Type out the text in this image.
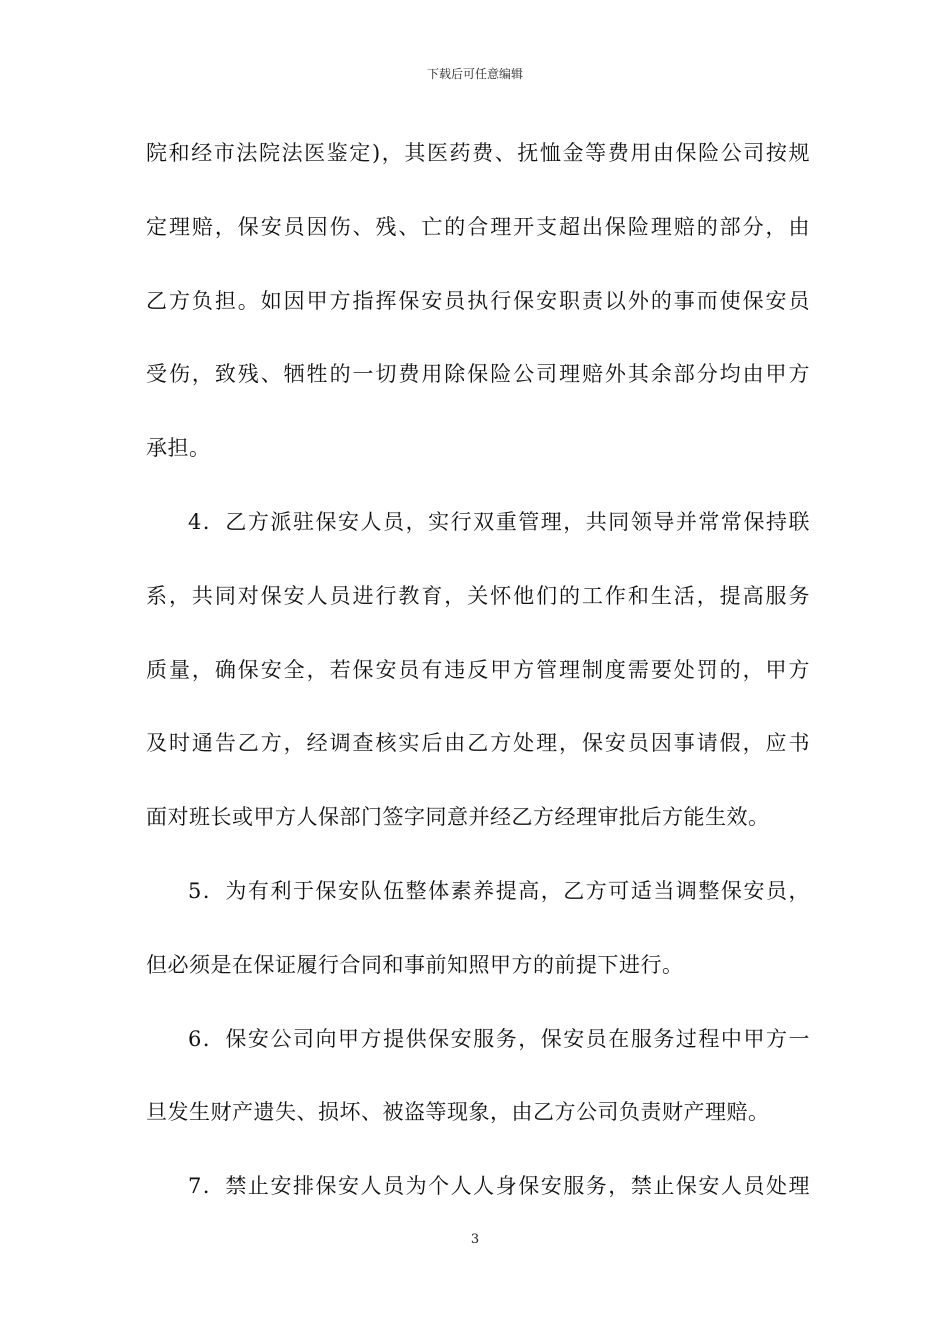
下载后可任意编辑
院和经市法院法医鉴定)，其医药费、抚恤金等费用由保险公司按规
定理赔，保安员因伤、残、亡的合理开支超出保险理赔的部分，由
乙方负担。如因甲方指挥保安员执行保安职责以外的事而使保安员
受伤，致残、牺牲的一切费用除保险公司理赔外其余部分均由甲方
承担。
4．乙方派驻保安人员，实行双重管理，共同领导并常常保持联
系，共同对保安人员进行教育，关怀他们的工作和生活，提高服务
质量，确保安全，若保安员有违反甲方管理制度需要处罚的，甲方
及时通告乙方，经调查核实后由乙方处理，保安员因事请假，应书
面对班长或甲方人保部门签字同意并经乙方经理审批后方能生效。
5．为有利于保安队伍整体素养提高，乙方可适当调整保安员，
但必须是在保证履行合同和事前知照甲方的前提下进行。
6．保安公司向甲方提供保安服务，保安员在服务过程中甲方一
旦发生财产遗失、损坏、被盗等现象，由乙方公司负责财产理赔。
7．禁止安排保安人员为个人人身保安服务，禁止保安人员处理
3
